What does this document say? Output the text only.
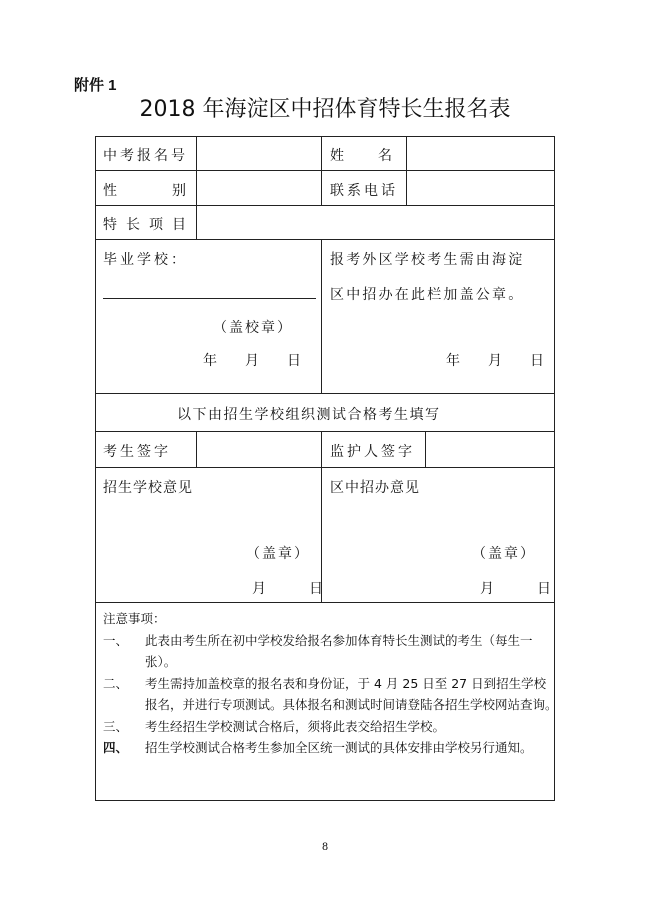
附件 1
2018 年海淀区中招体育特长生报名表
中考报名号	姓　　名
性　　别	联系电话
特长项目
毕业学校：
（盖校章）
年　月　日
报考外区学校考生需由海淀
区中招办在此栏加盖公章。
年　月　日
以下由招生学校组织测试合格考生填写
考生签字	监护人签字
招生学校意见
（盖章）
月　　日
区中招办意见
（盖章）
月　　日
注意事项：
一、	此表由考生所在初中学校发给报名参加体育特长生测试的考生（每生一张）。
二、	考生需持加盖校章的报名表和身份证，于 4 月 25 日至 27 日到招生学校报名，并进行专项测试。具体报名和测试时间请登陆各招生学校网站查询。
三、	考生经招生学校测试合格后，须将此表交给招生学校。
四、	招生学校测试合格考生参加全区统一测试的具体安排由学校另行通知。
8
